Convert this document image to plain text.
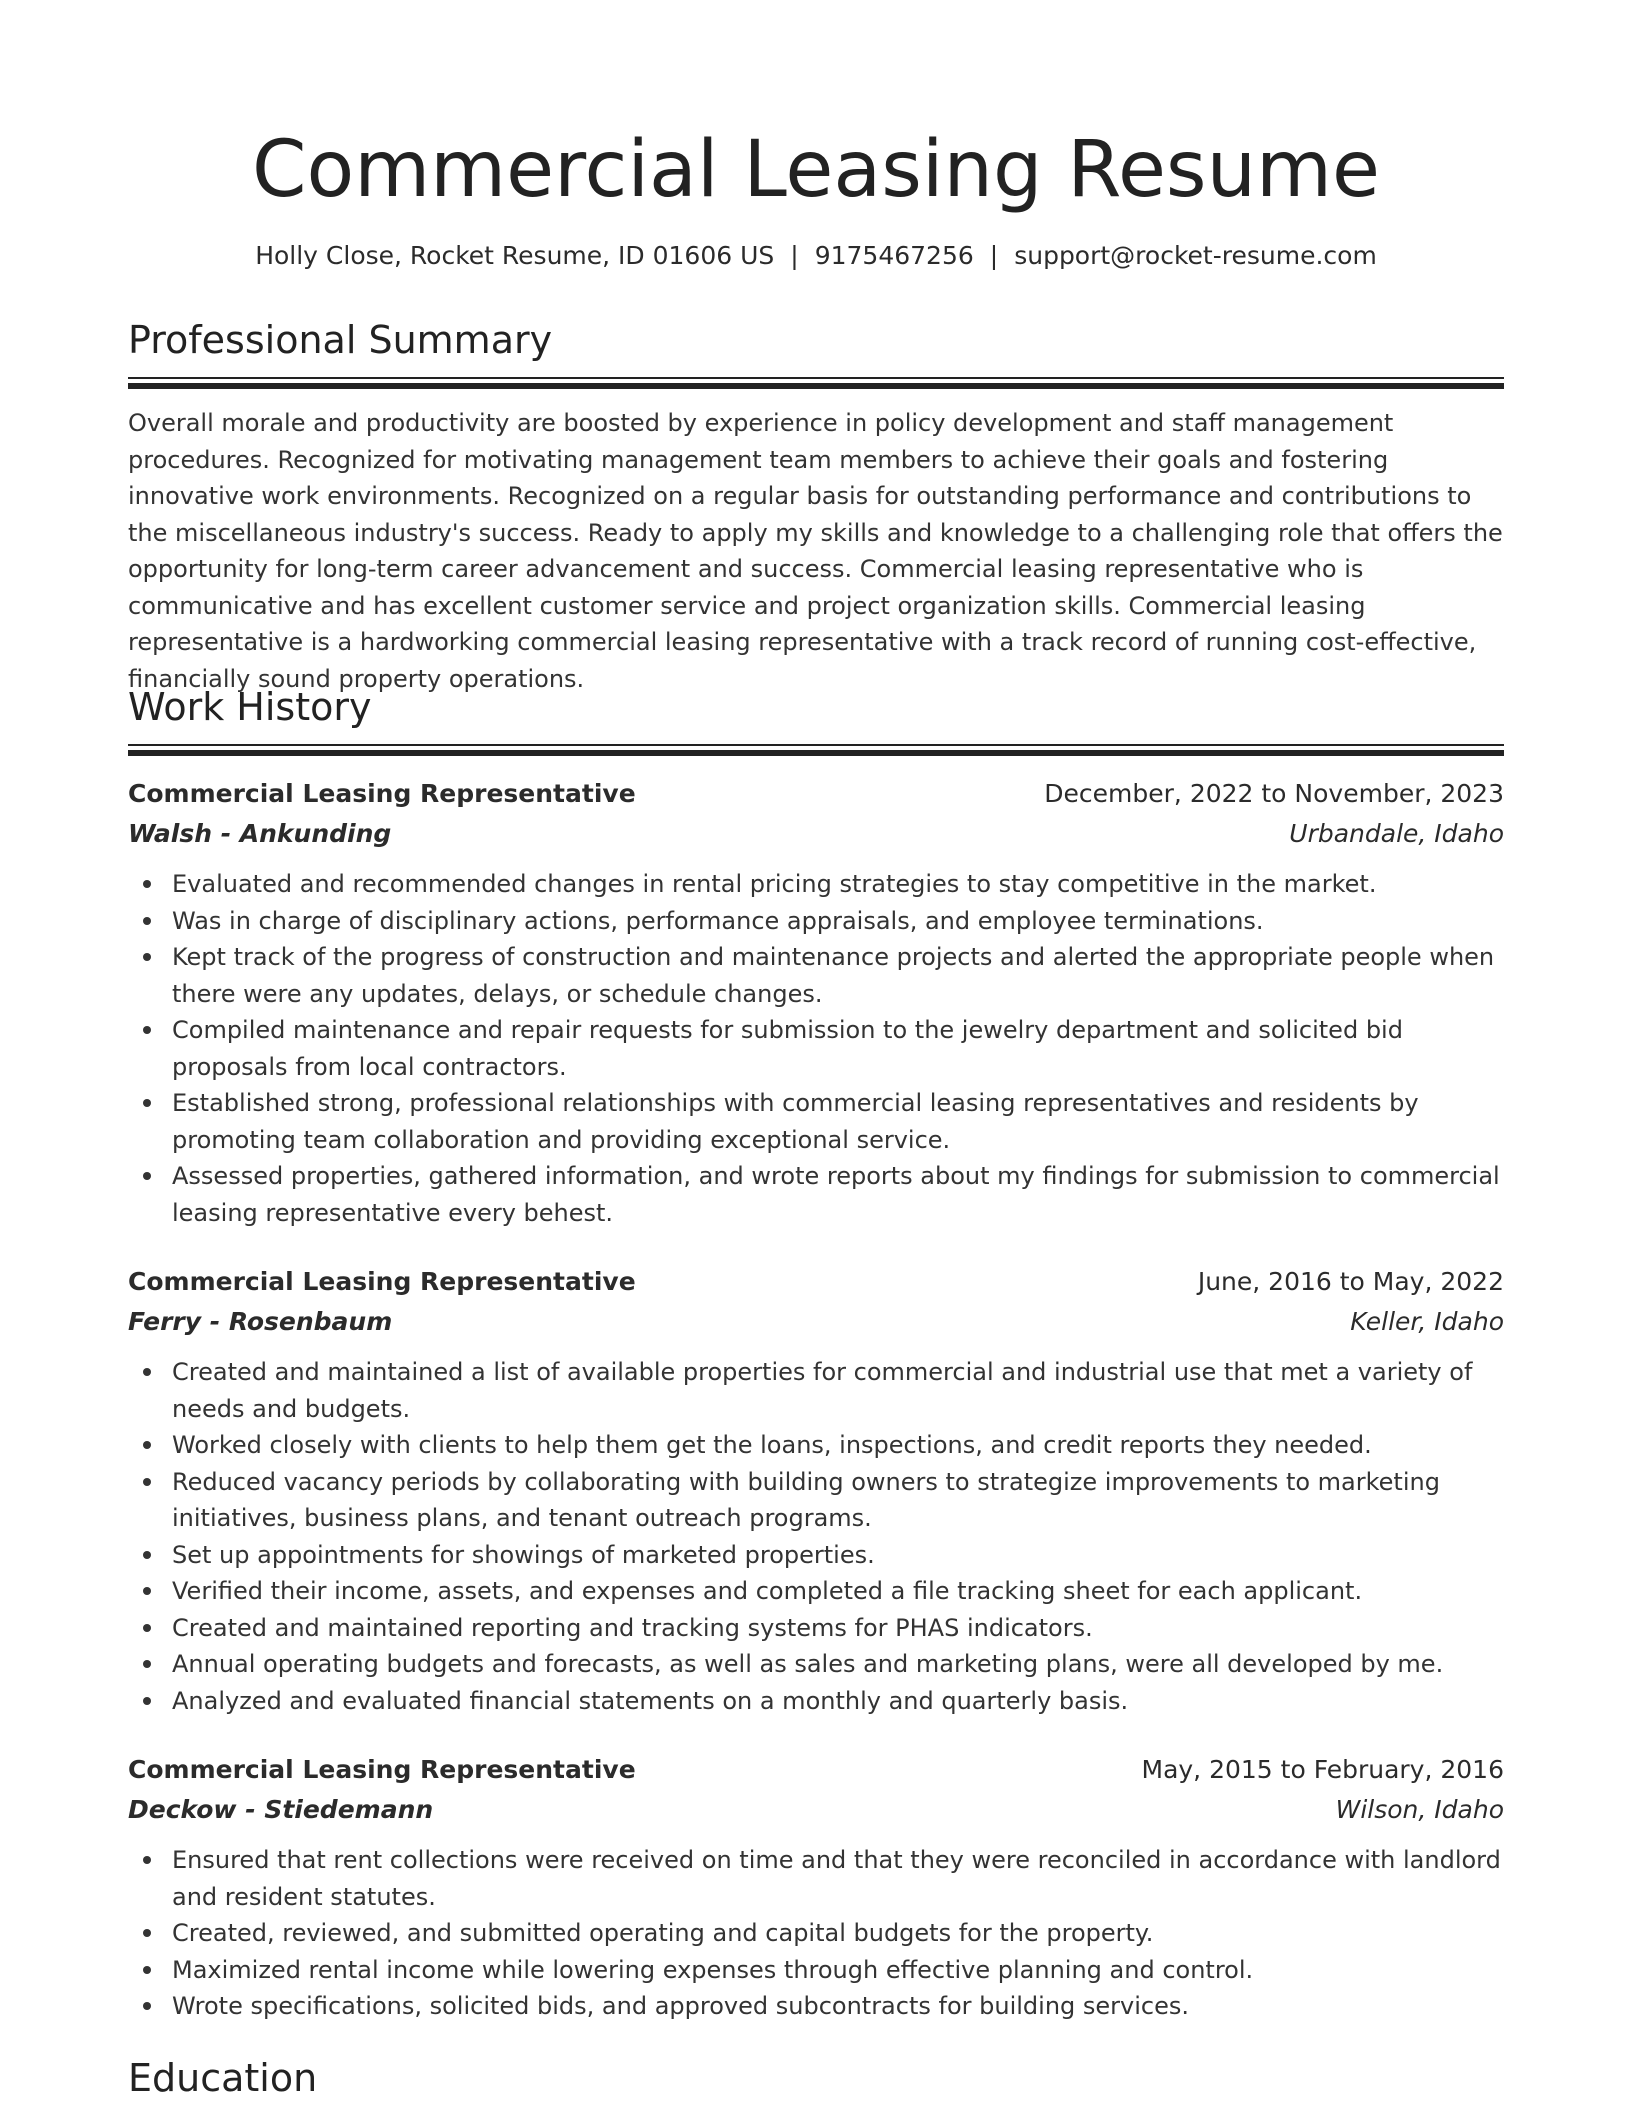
Commercial Leasing Resume
Holly Close, Rocket Resume, ID 01606 US | 9175467256 | support@rocket-resume.com
Professional Summary

Overall morale and productivity are boosted by experience in policy development and staff management procedures. Recognized for motivating management team members to achieve their goals and fostering innovative work environments. Recognized on a regular basis for outstanding performance and contributions to the miscellaneous industry's success. Ready to apply my skills and knowledge to a challenging role that offers the opportunity for long-term career advancement and success. Commercial leasing representative who is communicative and has excellent customer service and project organization skills. Commercial leasing representative is a hardworking commercial leasing representative with a track record of running cost-effective, financially sound property operations.

Work History
Commercial Leasing Representative	December, 2022 to November, 2023
Walsh - Ankunding	Urbandale, Idaho
Evaluated and recommended changes in rental pricing strategies to stay competitive in the market.
Was in charge of disciplinary actions, performance appraisals, and employee terminations.
Kept track of the progress of construction and maintenance projects and alerted the appropriate people when there were any updates, delays, or schedule changes.
Compiled maintenance and repair requests for submission to the jewelry department and solicited bid proposals from local contractors.
Established strong, professional relationships with commercial leasing representatives and residents by promoting team collaboration and providing exceptional service.
Assessed properties, gathered information, and wrote reports about my findings for submission to commercial leasing representative every behest.
Commercial Leasing Representative	June, 2016 to May, 2022
Ferry - Rosenbaum	Keller, Idaho
Created and maintained a list of available properties for commercial and industrial use that met a variety of needs and budgets.
Worked closely with clients to help them get the loans, inspections, and credit reports they needed.
Reduced vacancy periods by collaborating with building owners to strategize improvements to marketing initiatives, business plans, and tenant outreach programs.
Set up appointments for showings of marketed properties.
Verified their income, assets, and expenses and completed a file tracking sheet for each applicant.
Created and maintained reporting and tracking systems for PHAS indicators.
Annual operating budgets and forecasts, as well as sales and marketing plans, were all developed by me.
Analyzed and evaluated financial statements on a monthly and quarterly basis.
Commercial Leasing Representative	May, 2015 to February, 2016
Deckow - Stiedemann	Wilson, Idaho
Ensured that rent collections were received on time and that they were reconciled in accordance with landlord and resident statutes.
Created, reviewed, and submitted operating and capital budgets for the property.
Maximized rental income while lowering expenses through effective planning and control.
Wrote specifications, solicited bids, and approved subcontracts for building services.
Education
